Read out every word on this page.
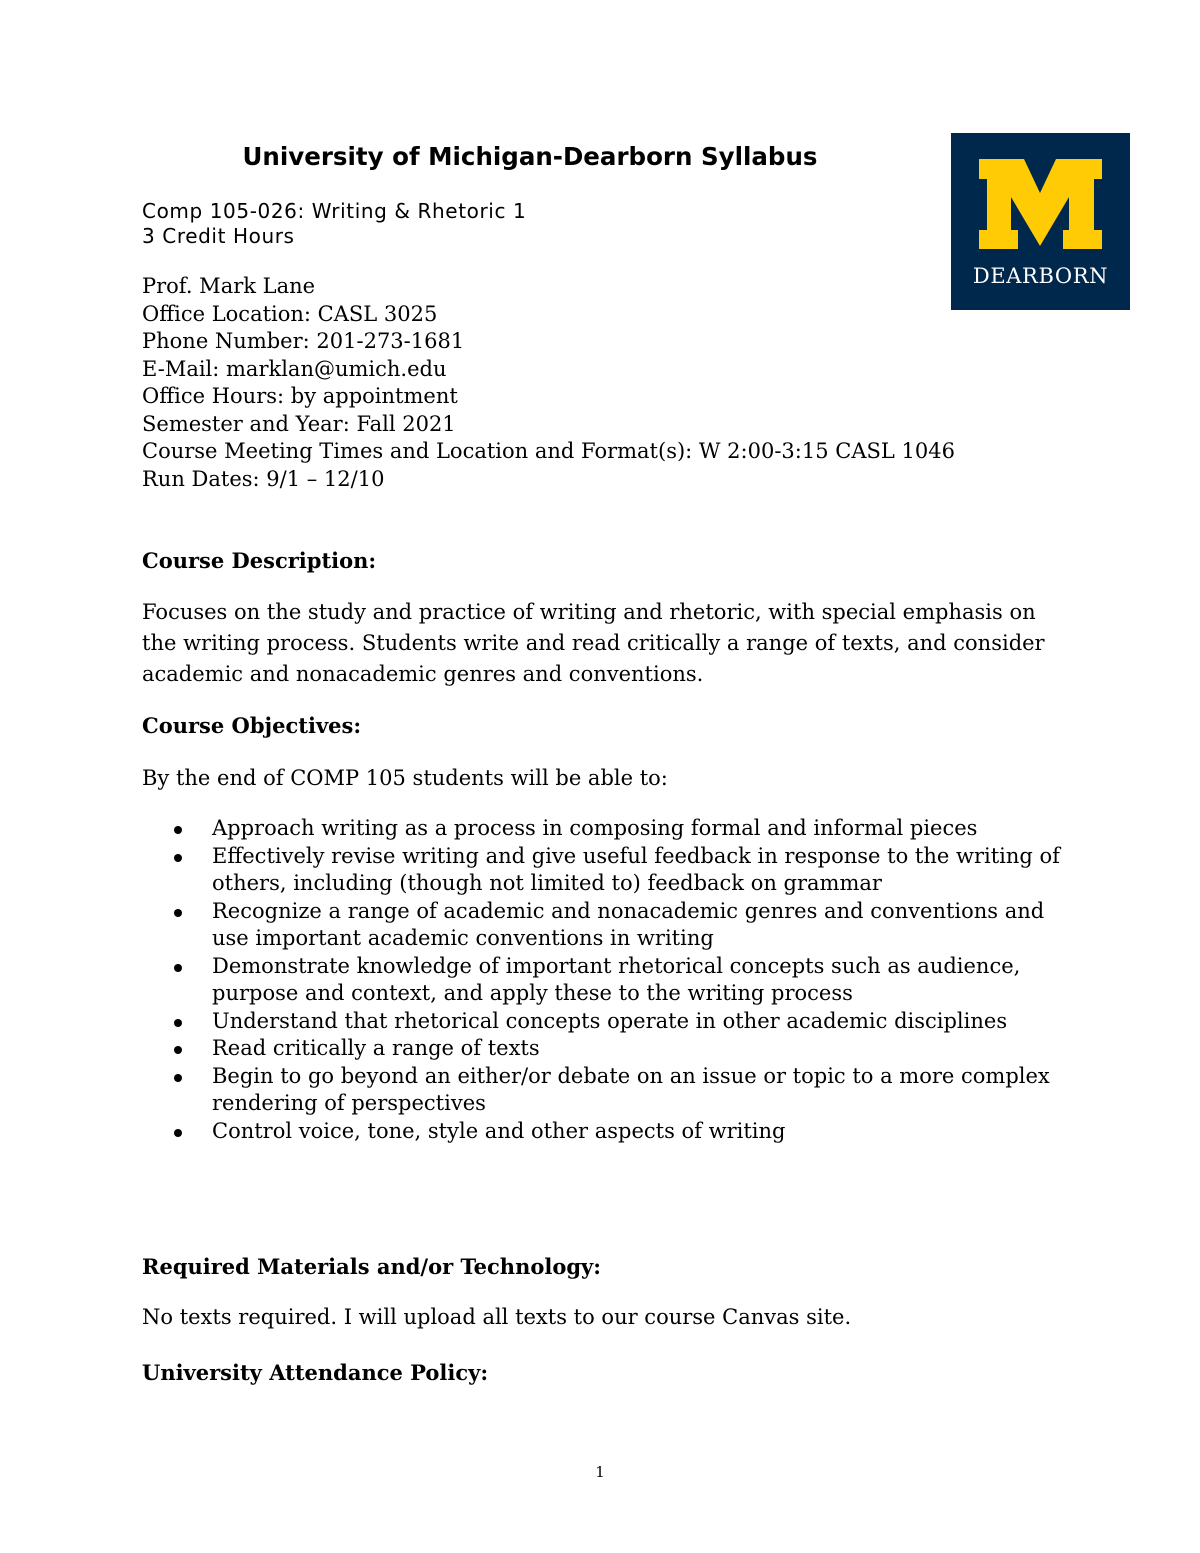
University of Michigan-Dearborn Syllabus
Comp 105-026: Writing & Rhetoric 1
3 Credit Hours
DEARBORN
Prof. Mark Lane
Office Location: CASL 3025
Phone Number: 201-273-1681
E-Mail: marklan@umich.edu
Office Hours: by appointment
Semester and Year: Fall 2021
Course Meeting Times and Location and Format(s): W 2:00-3:15 CASL 1046
Run Dates: 9/1 – 12/10
Course Description:

Focuses on the study and practice of writing and rhetoric, with special emphasis on the writing process. Students write and read critically a range of texts, and consider academic and nonacademic genres and conventions.

Course Objectives:

By the end of COMP 105 students will be able to:

Approach writing as a process in composing formal and informal pieces
Effectively revise writing and give useful feedback in response to the writing of others, including (though not limited to) feedback on grammar
Recognize a range of academic and nonacademic genres and conventions and use important academic conventions in writing
Demonstrate knowledge of important rhetorical concepts such as audience, purpose and context, and apply these to the writing process
Understand that rhetorical concepts operate in other academic disciplines
Read critically a range of texts
Begin to go beyond an either/or debate on an issue or topic to a more complex rendering of perspectives
Control voice, tone, style and other aspects of writing
Required Materials and/or Technology:

No texts required. I will upload all texts to our course Canvas site.

University Attendance Policy:
1
